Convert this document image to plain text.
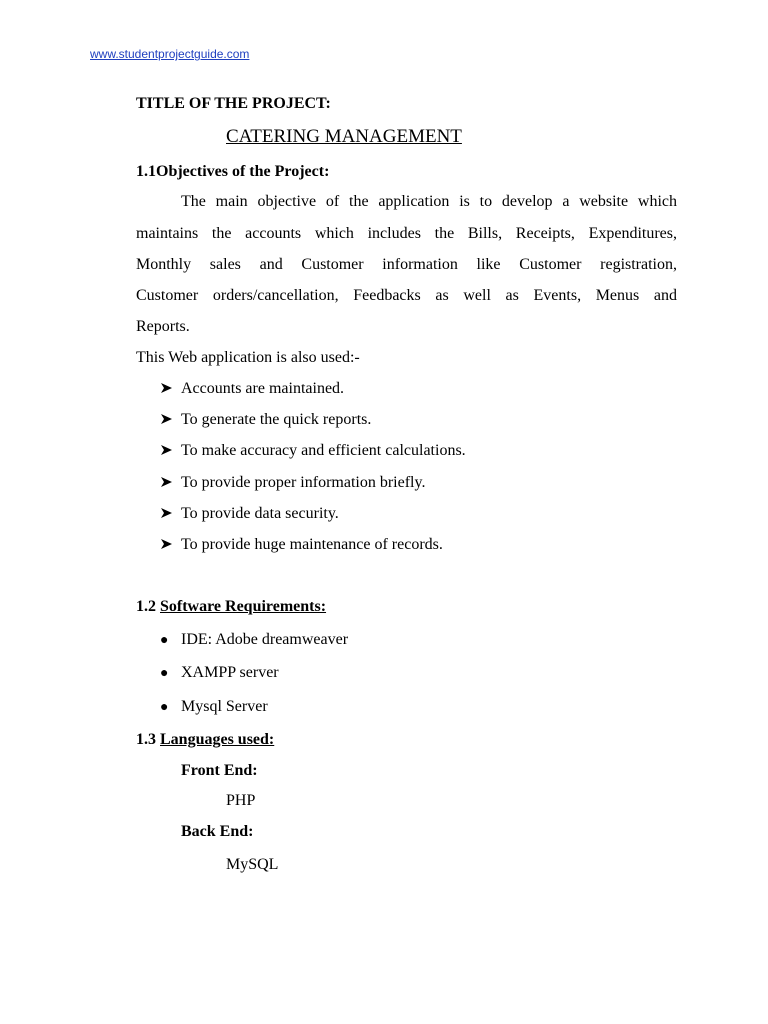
www.studentprojectguide.com
TITLE OF THE PROJECT:
CATERING MANAGEMENT
1.1Objectives of the Project:
The main objective of the application is to develop a website which
maintains the accounts which includes the Bills, Receipts, Expenditures,
Monthly sales and Customer information like Customer registration,
Customer orders/cancellation, Feedbacks as well as Events, Menus and
Reports.
This Web application is also used:-
Accounts are maintained.
To generate the quick reports.
To make accuracy and efficient calculations.
To provide proper information briefly.
To provide data security.
To provide huge maintenance of records.
1.2 Software Requirements:
● IDE: Adobe dreamweaver
● XAMPP server
● Mysql Server
1.3 Languages used:
Front End:
PHP
Back End:
MySQL
